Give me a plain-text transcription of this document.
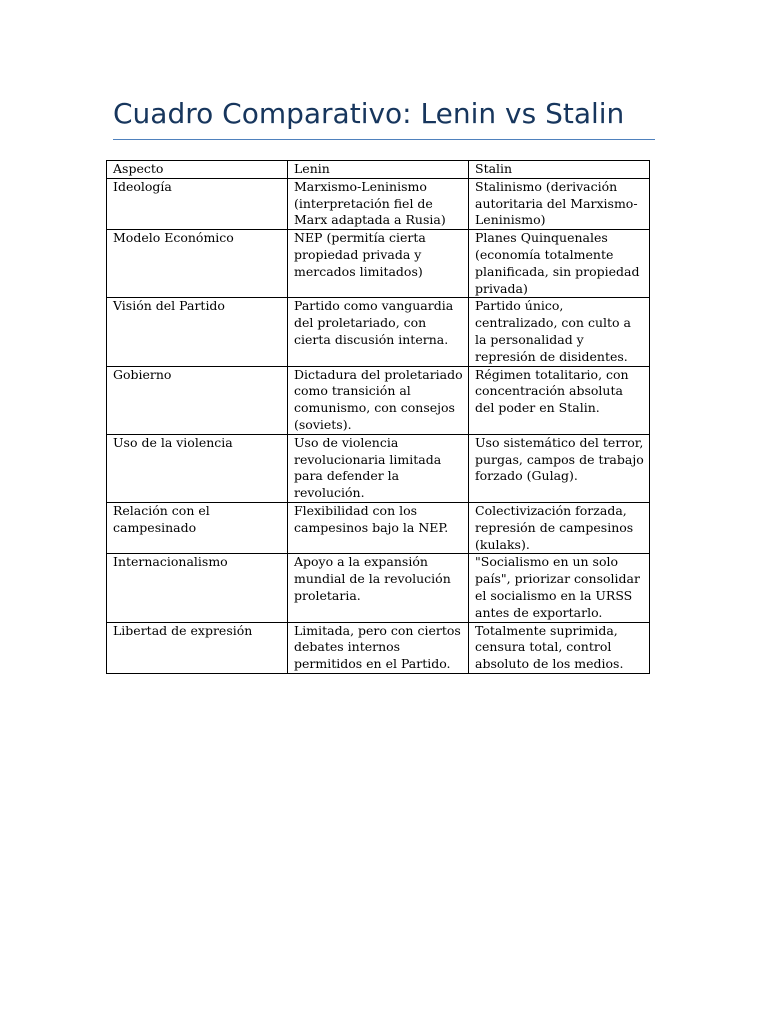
Cuadro Comparativo: Lenin vs Stalin
Aspecto	Lenin	Stalin
Ideología	Marxismo-Leninismo (interpretación fiel de Marx adaptada a Rusia)	Stalinismo (derivación autoritaria del Marxismo-Leninismo)
Modelo Económico	NEP (permitía cierta propiedad privada y mercados limitados)	Planes Quinquenales (economía totalmente planificada, sin propiedad privada)
Visión del Partido	Partido como vanguardia del proletariado, con cierta discusión interna.	Partido único, centralizado, con culto a la personalidad y represión de disidentes.
Gobierno	Dictadura del proletariado como transición al comunismo, con consejos (soviets).	Régimen totalitario, con concentración absoluta del poder en Stalin.
Uso de la violencia	Uso de violencia revolucionaria limitada para defender la revolución.	Uso sistemático del terror, purgas, campos de trabajo forzado (Gulag).
Relación con el campesinado	Flexibilidad con los campesinos bajo la NEP.	Colectivización forzada, represión de campesinos (kulaks).
Internacionalismo	Apoyo a la expansión mundial de la revolución proletaria.	"Socialismo en un solo país", priorizar consolidar el socialismo en la URSS antes de exportarlo.
Libertad de expresión	Limitada, pero con ciertos debates internos permitidos en el Partido.	Totalmente suprimida, censura total, control absoluto de los medios.
